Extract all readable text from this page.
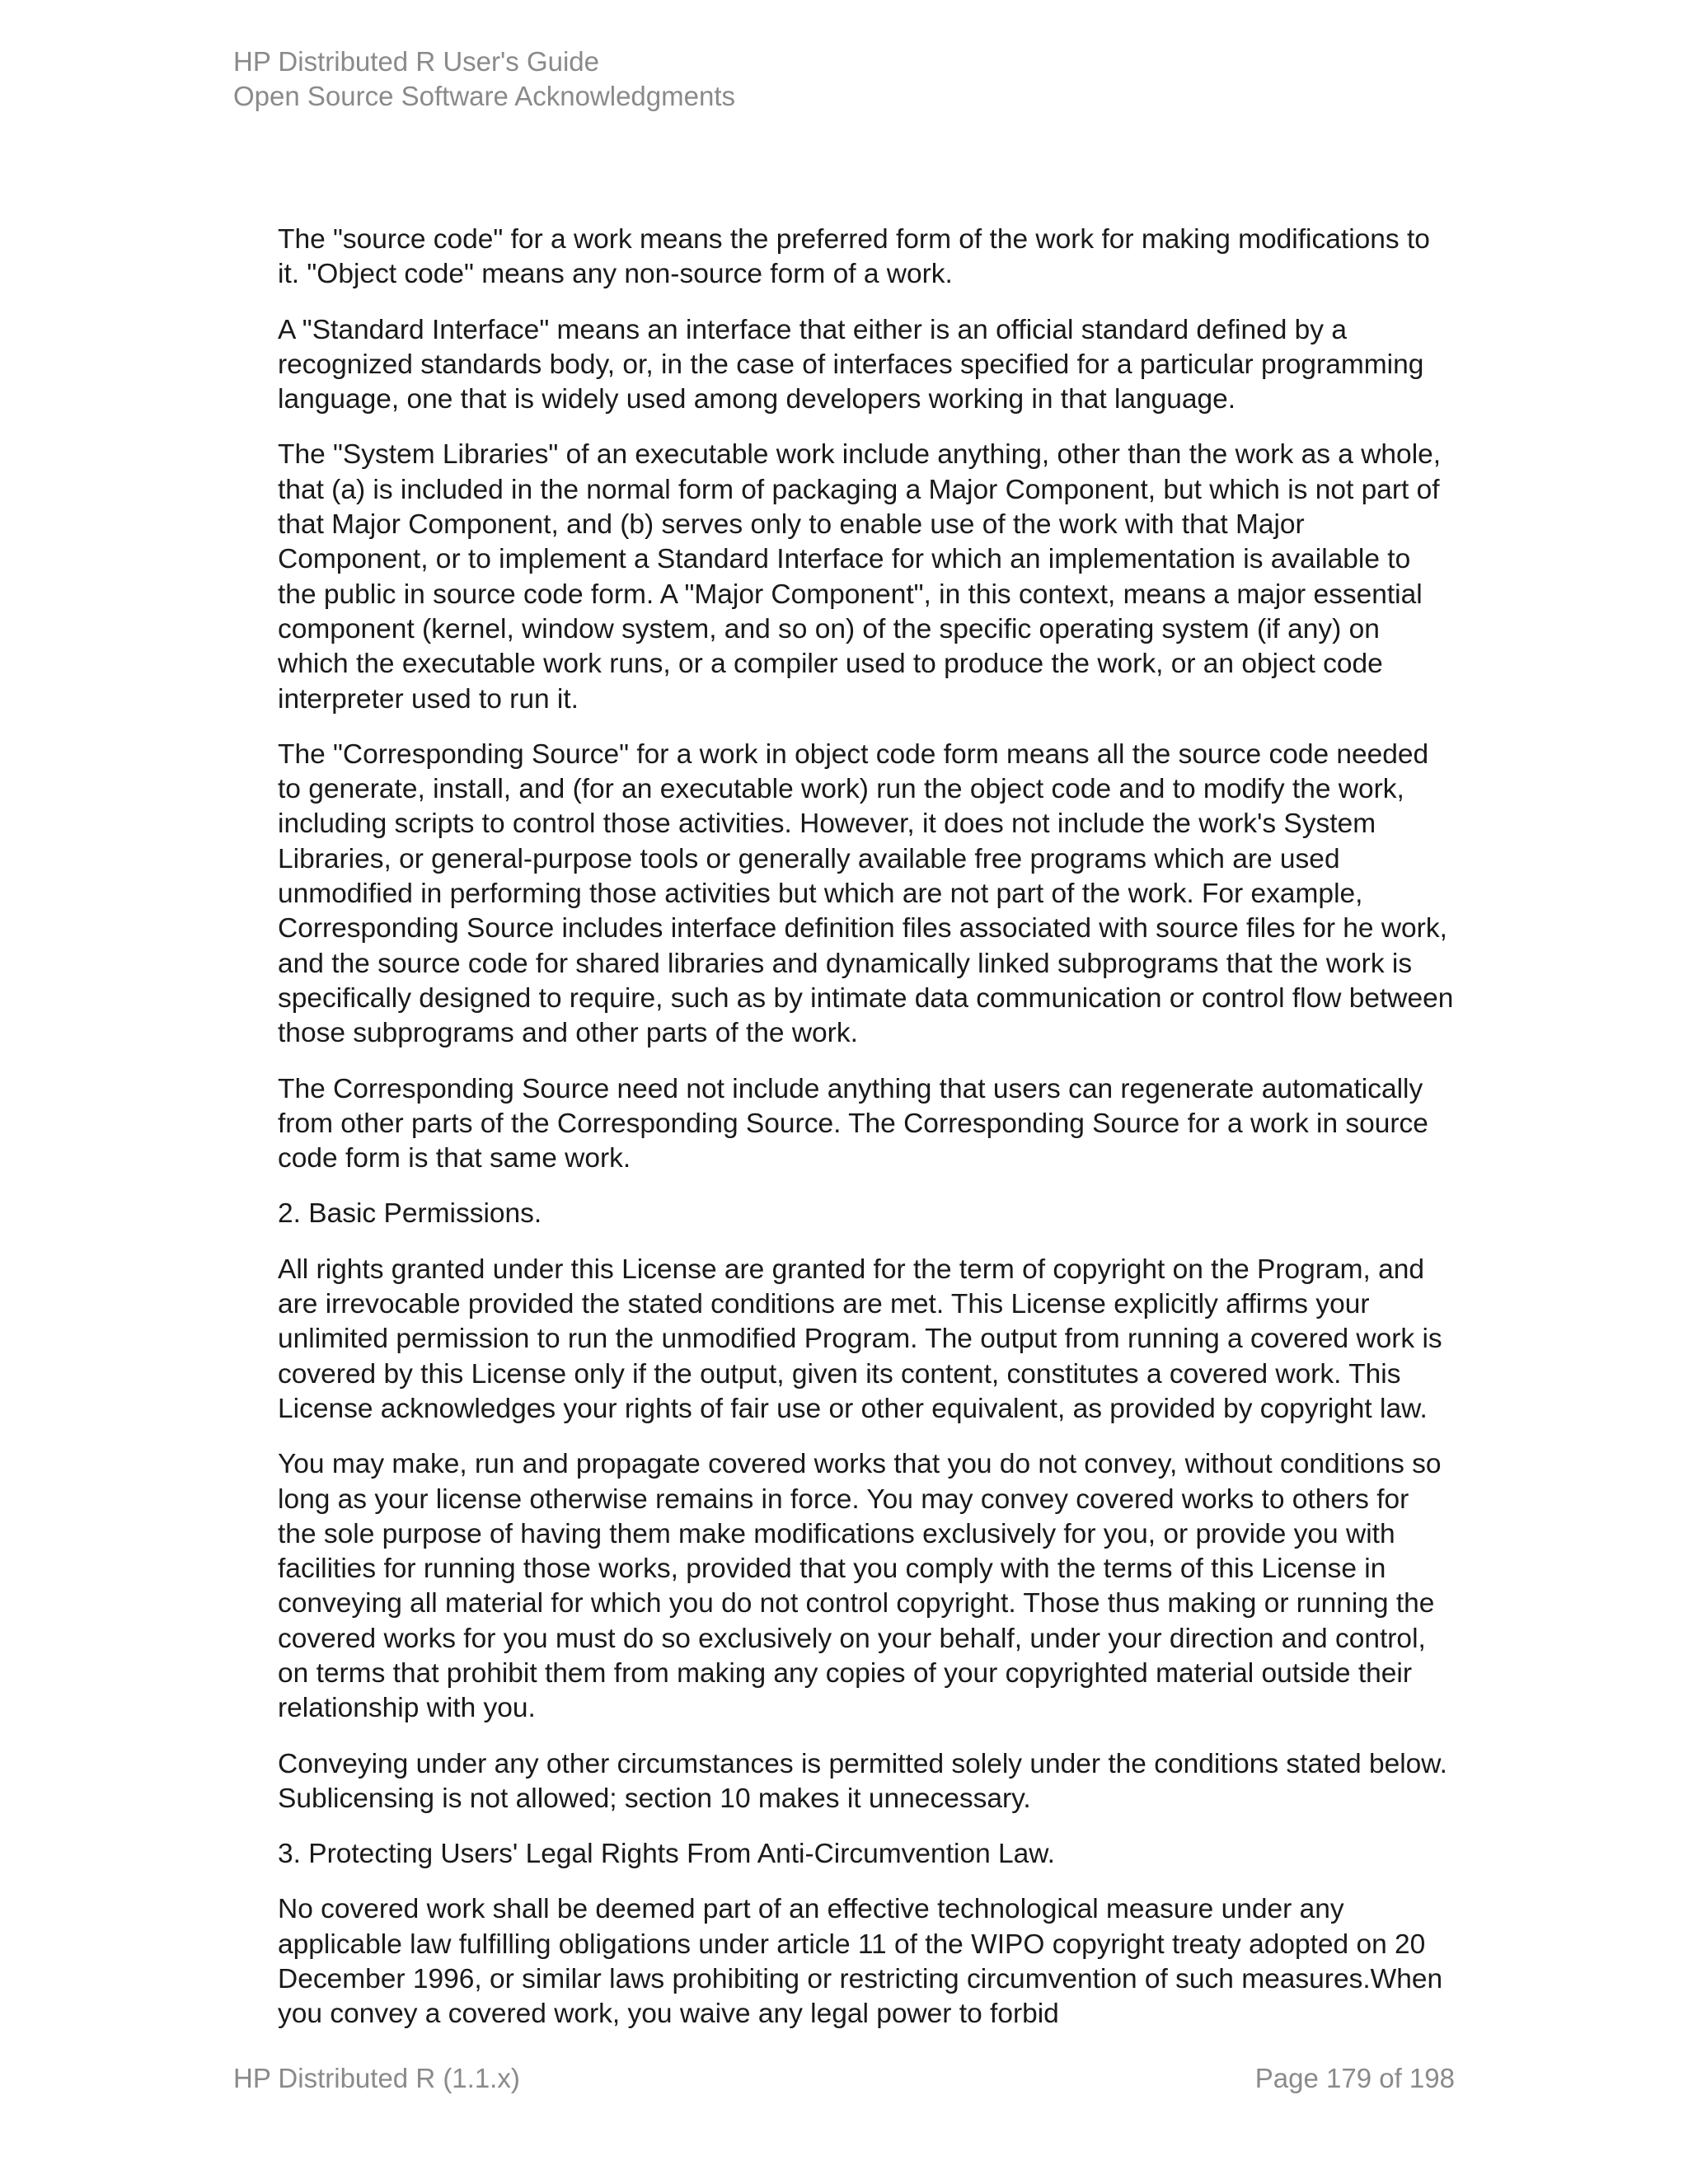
HP Distributed R User's Guide
Open Source Software Acknowledgments

The "source code" for a work means the preferred form of the work for making modifications to it. "Object code" means any non-source form of a work.

A "Standard Interface" means an interface that either is an official standard defined by a recognized standards body, or, in the case of interfaces specified for a particular programming language, one that is widely used among developers working in that language.

The "System Libraries" of an executable work include anything, other than the work as a whole, that (a) is included in the normal form of packaging a Major Component, but which is not part of that Major Component, and (b) serves only to enable use of the work with that Major Component, or to implement a Standard Interface for which an implementation is available to the public in source code form. A "Major Component", in this context, means a major essential component (kernel, window system, and so on) of the specific operating system (if any) on which the executable work runs, or a compiler used to produce the work, or an object code interpreter used to run it.

The "Corresponding Source" for a work in object code form means all the source code needed to generate, install, and (for an executable work) run the object code and to modify the work, including scripts to control those activities. However, it does not include the work's System Libraries, or general-purpose tools or generally available free programs which are used unmodified in performing those activities but which are not part of the work. For example, Corresponding Source includes interface definition files associated with source files for he work, and the source code for shared libraries and dynamically linked subprograms that the work is specifically designed to require, such as by intimate data communication or control flow between those subprograms and other parts of the work.

The Corresponding Source need not include anything that users can regenerate automatically from other parts of the Corresponding Source. The Corresponding Source for a work in source code form is that same work.

2. Basic Permissions.

All rights granted under this License are granted for the term of copyright on the Program, and are irrevocable provided the stated conditions are met. This License explicitly affirms your unlimited permission to run the unmodified Program. The output from running a covered work is covered by this License only if the output, given its content, constitutes a covered work. This License acknowledges your rights of fair use or other equivalent, as provided by copyright law.

You may make, run and propagate covered works that you do not convey, without conditions so long as your license otherwise remains in force. You may convey covered works to others for the sole purpose of having them make modifications exclusively for you, or provide you with facilities for running those works, provided that you comply with the terms of this License in conveying all material for which you do not control copyright. Those thus making or running the covered works for you must do so exclusively on your behalf, under your direction and control, on terms that prohibit them from making any copies of your copyrighted material outside their relationship with you.

Conveying under any other circumstances is permitted solely under the conditions stated below. Sublicensing is not allowed; section 10 makes it unnecessary.

3. Protecting Users' Legal Rights From Anti-Circumvention Law.

No covered work shall be deemed part of an effective technological measure under any applicable law fulfilling obligations under article 11 of the WIPO copyright treaty adopted on 20 December 1996, or similar laws prohibiting or restricting circumvention of such measures.When you convey a covered work, you waive any legal power to forbid

HP Distributed R (1.1.x)	Page 179 of 198
